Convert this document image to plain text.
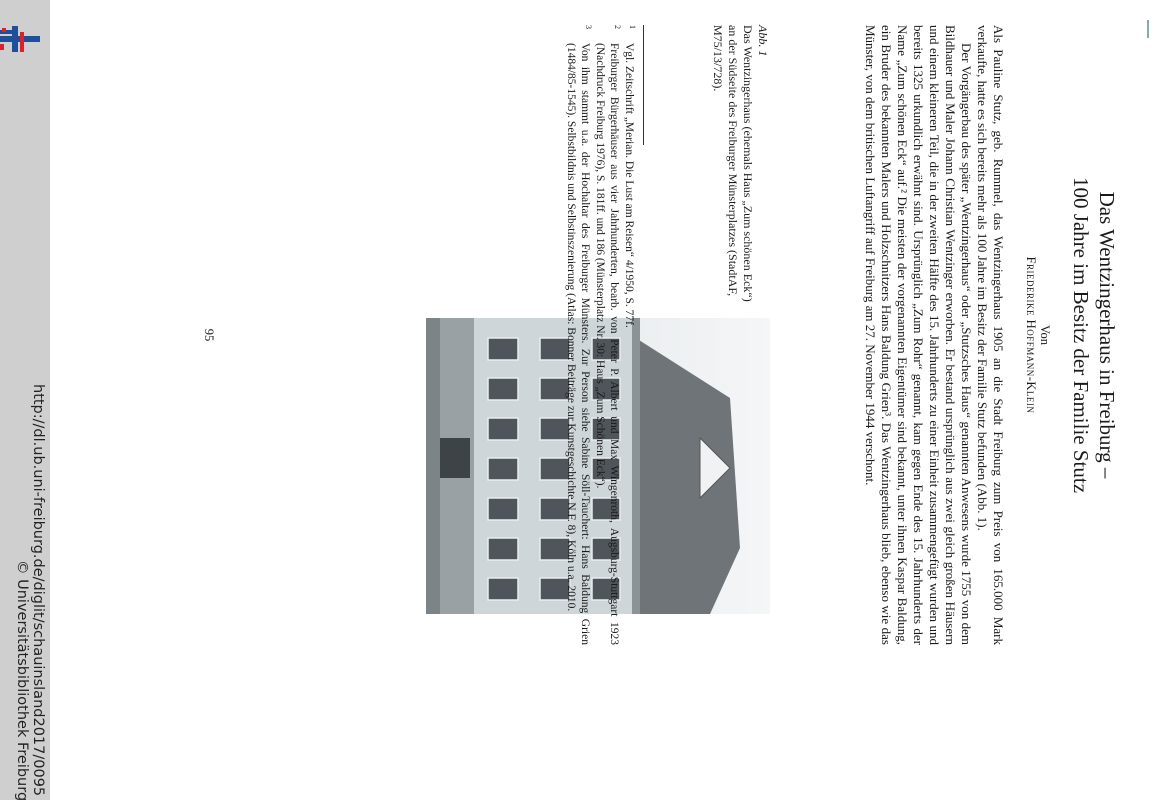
http://dl.ub.uni-freiburg.de/diglit/schauinsland2017/0095
© Universitätsbibliothek Freiburg
Das Wentzingerhaus in Freiburg –
100 Jahre im Besitz der Familie Stutz
Von
Friederike Hoffmann-Klein

Als Pauline Stutz, geb. Rummel, das Wentzingerhaus 1905 an die Stadt Freiburg zum Preis von 165.000 Mark verkaufte, hatte es sich bereits mehr als 100 Jahre im Besitz der Familie Stutz befunden (Abb. 1).

Der Vorgängerbau des später „Wentzingerhaus“ oder „Stutzsches Haus“ genannten Anwesens wurde 1755 von dem Bildhauer und Maler Johann Christian Wentzinger erworben. Er bestand ursprünglich aus zwei gleich großen Häusern und einem kleineren Teil, die in der zweiten Hälfte des 15. Jahrhunderts zu einer Einheit zusammengefügt wurden und bereits 1325 urkundlich erwähnt sind. Ursprünglich „Zum Rohr“ genannt, kam gegen Ende des 15. Jahrhunderts der Name „Zum schönen Eck“ auf.² Die meisten der vorgenannten Eigentümer sind bekannt, unter ihnen Kaspar Baldung, ein Bruder des bekannten Malers und Holzschnitzers Hans Baldung Grien³. Das Wentzingerhaus blieb, ebenso wie das Münster, von dem britischen Luftangriff auf Freiburg am 27. November 1944 verschont.

Abb. 1
Das Wentzingerhaus (ehemals Haus „Zum schönen Eck“) an der Südseite des Freiburger Münsterplatzes (StadtAF, M75/13/728).
1
Vgl. Zeitschrift „Merian. Die Lust am Reisen“ 4/1950, S. 77f.
2
Freiburger Bürgerhäuser aus vier Jahrhunderten, bearb. von Peter P. Albert und Max Wingenroth, Augsburg-Stuttgart 1923 (Nachdruck Freiburg 1976), S. 181ff. und 186 (Münsterplatz Nr. 30: Haus „Zum Schönen Eck“).
3
Von ihm stammt u.a. der Hochaltar des Freiburger Münsters. Zur Person siehe Sabine Söll-Tauchert: Hans Baldung Grien (1484/85-1545). Selbstbildnis und Selbstinszenierung (Atlas: Bonner Beiträge zur Kunstgeschichte N.F. 8), Köln u.a. 2010.
95
